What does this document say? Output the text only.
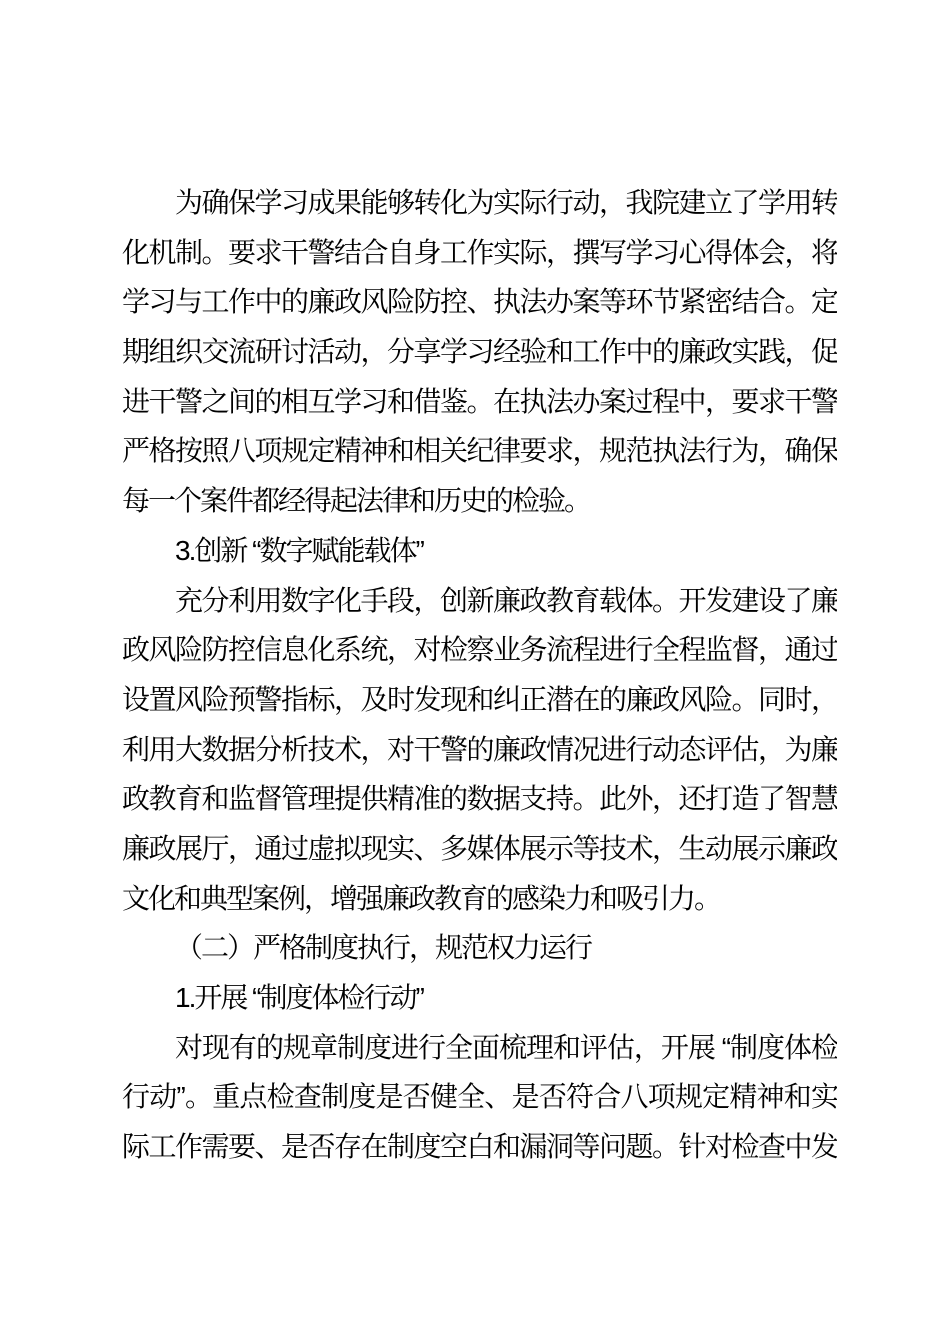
为确保学习成果能够转化为实际行动，我院建立了学用转
化机制。要求干警结合自身工作实际，撰写学习心得体会，将
学习与工作中的廉政风险防控、执法办案等环节紧密结合。定
期组织交流研讨活动，分享学习经验和工作中的廉政实践，促
进干警之间的相互学习和借鉴。在执法办案过程中，要求干警
严格按照八项规定精神和相关纪律要求，规范执法行为，确保
每一个案件都经得起法律和历史的检验。
3.创新 “数字赋能载体”
充分利用数字化手段，创新廉政教育载体。开发建设了廉
政风险防控信息化系统，对检察业务流程进行全程监督，通过
设置风险预警指标，及时发现和纠正潜在的廉政风险。同时，
利用大数据分析技术，对干警的廉政情况进行动态评估，为廉
政教育和监督管理提供精准的数据支持。此外，还打造了智慧
廉政展厅，通过虚拟现实、多媒体展示等技术，生动展示廉政
文化和典型案例，增强廉政教育的感染力和吸引力。
（二）严格制度执行，规范权力运行
1.开展 “制度体检行动”
对现有的规章制度进行全面梳理和评估，开展 “制度体检
行动”。重点检查制度是否健全、是否符合八项规定精神和实
际工作需要、是否存在制度空白和漏洞等问题。针对检查中发
